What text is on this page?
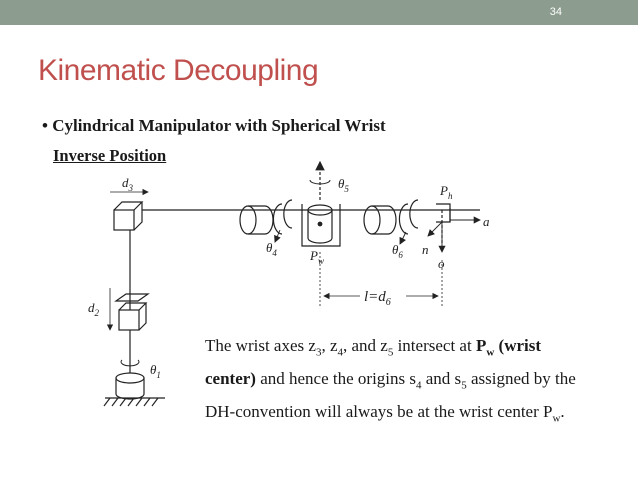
34
Kinematic Decoupling
• Cylindrical Manipulator with Spherical Wrist
Inverse Position
$d_3$
$d_2$
$\theta_1$
$\theta_4$
$\theta_5$
$\theta_6$
$P_w$
$P_h$
n
o
a
$l=d_6$
The wrist axes $z_3$, $z_4$, and $z_5$ intersect at $P_w$ (wrist center) and hence the origins $s_4$ and $s_5$ assigned by the DH-convention will always be at the wrist center $P_w$.
